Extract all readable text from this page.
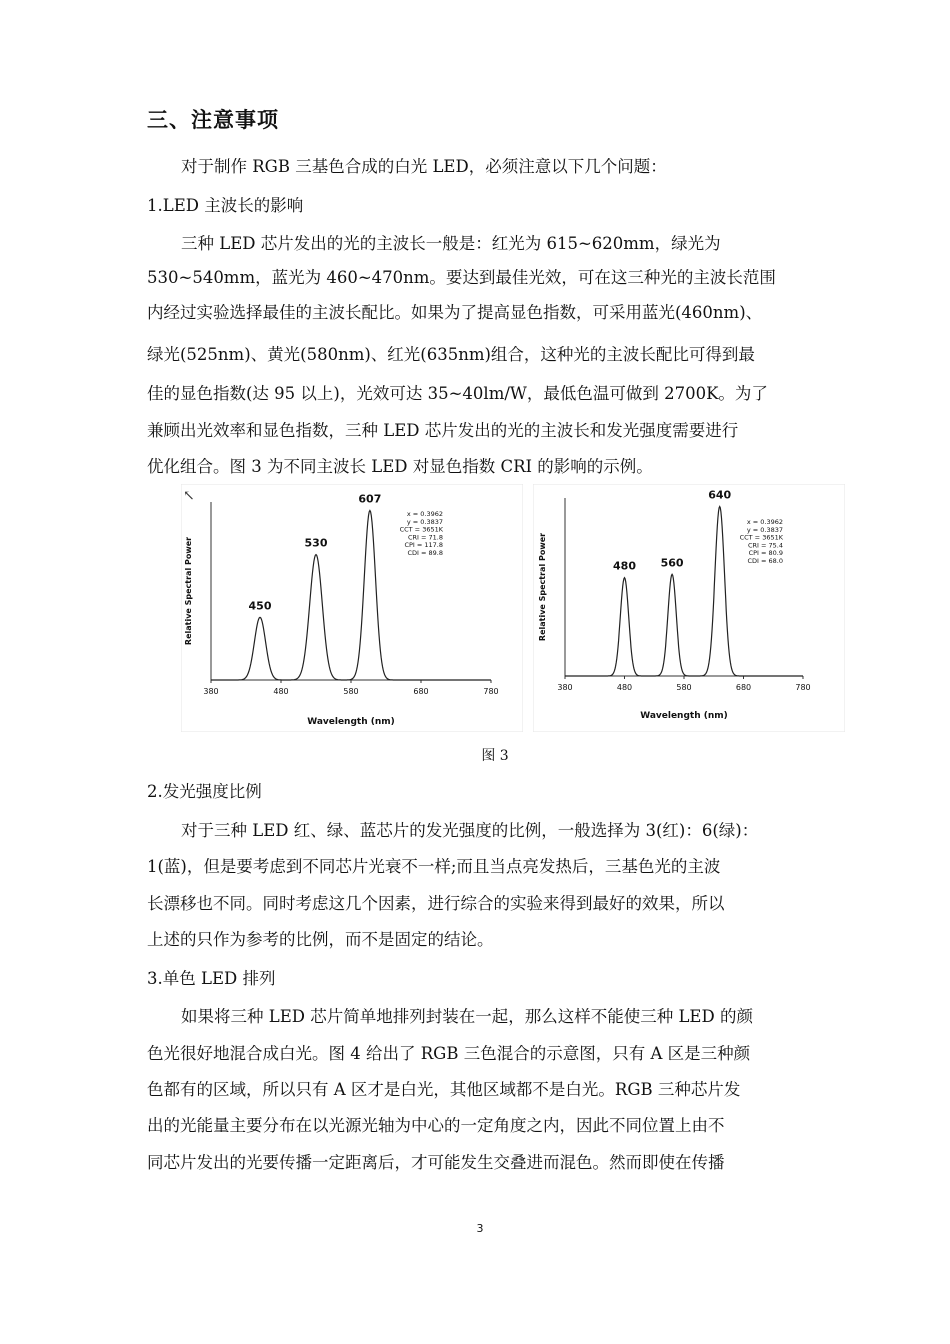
三、注意事项
对于制作 RGB 三基色合成的白光 LED，必须注意以下几个问题：
1.LED 主波长的影响
三种 LED 芯片发出的光的主波长一般是：红光为 615~620mm，绿光为
530~540mm，蓝光为 460~470nm。要达到最佳光效，可在这三种光的主波长范围
内经过实验选择最佳的主波长配比。如果为了提高显色指数，可采用蓝光(460nm)、
绿光(525nm)、黄光(580nm)、红光(635nm)组合，这种光的主波长配比可得到最
佳的显色指数(达 95 以上)，光效可达 35~40lm/W，最低色温可做到 2700K。为了
兼顾出光效率和显色指数，三种 LED 芯片发出的光的主波长和发光强度需要进行
优化组合。图 3 为不同主波长 LED 对显色指数 CRI 的影响的示例。
380	480	580	680	780
Wavelength (nm)
Relative Spectral Power	450
530
607
x = 0.3962
y = 0.3837
CCT = 3651K
CRI = 71.8
CPI = 117.8
CDI = 89.8
380	480	580	680	780
Wavelength (nm)
Relative Spectral Power	480 560
640
x = 0.3962
y = 0.3837
CCT = 3651K
CRI = 75.4
CPI = 80.9
CDI = 68.0
↖
图 3
2.发光强度比例
对于三种 LED 红、绿、蓝芯片的发光强度的比例，一般选择为 3(红)：6(绿)：
1(蓝)，但是要考虑到不同芯片光衰不一样;而且当点亮发热后，三基色光的主波
长漂移也不同。同时考虑这几个因素，进行综合的实验来得到最好的效果，所以
上述的只作为参考的比例，而不是固定的结论。
3.单色 LED 排列
如果将三种 LED 芯片简单地排列封装在一起，那么这样不能使三种 LED 的颜
色光很好地混合成白光。图 4 给出了 RGB 三色混合的示意图，只有 A 区是三种颜
色都有的区域，所以只有 A 区才是白光，其他区域都不是白光。RGB 三种芯片发
出的光能量主要分布在以光源光轴为中心的一定角度之内，因此不同位置上由不
同芯片发出的光要传播一定距离后，才可能发生交叠进而混色。然而即使在传播
3
